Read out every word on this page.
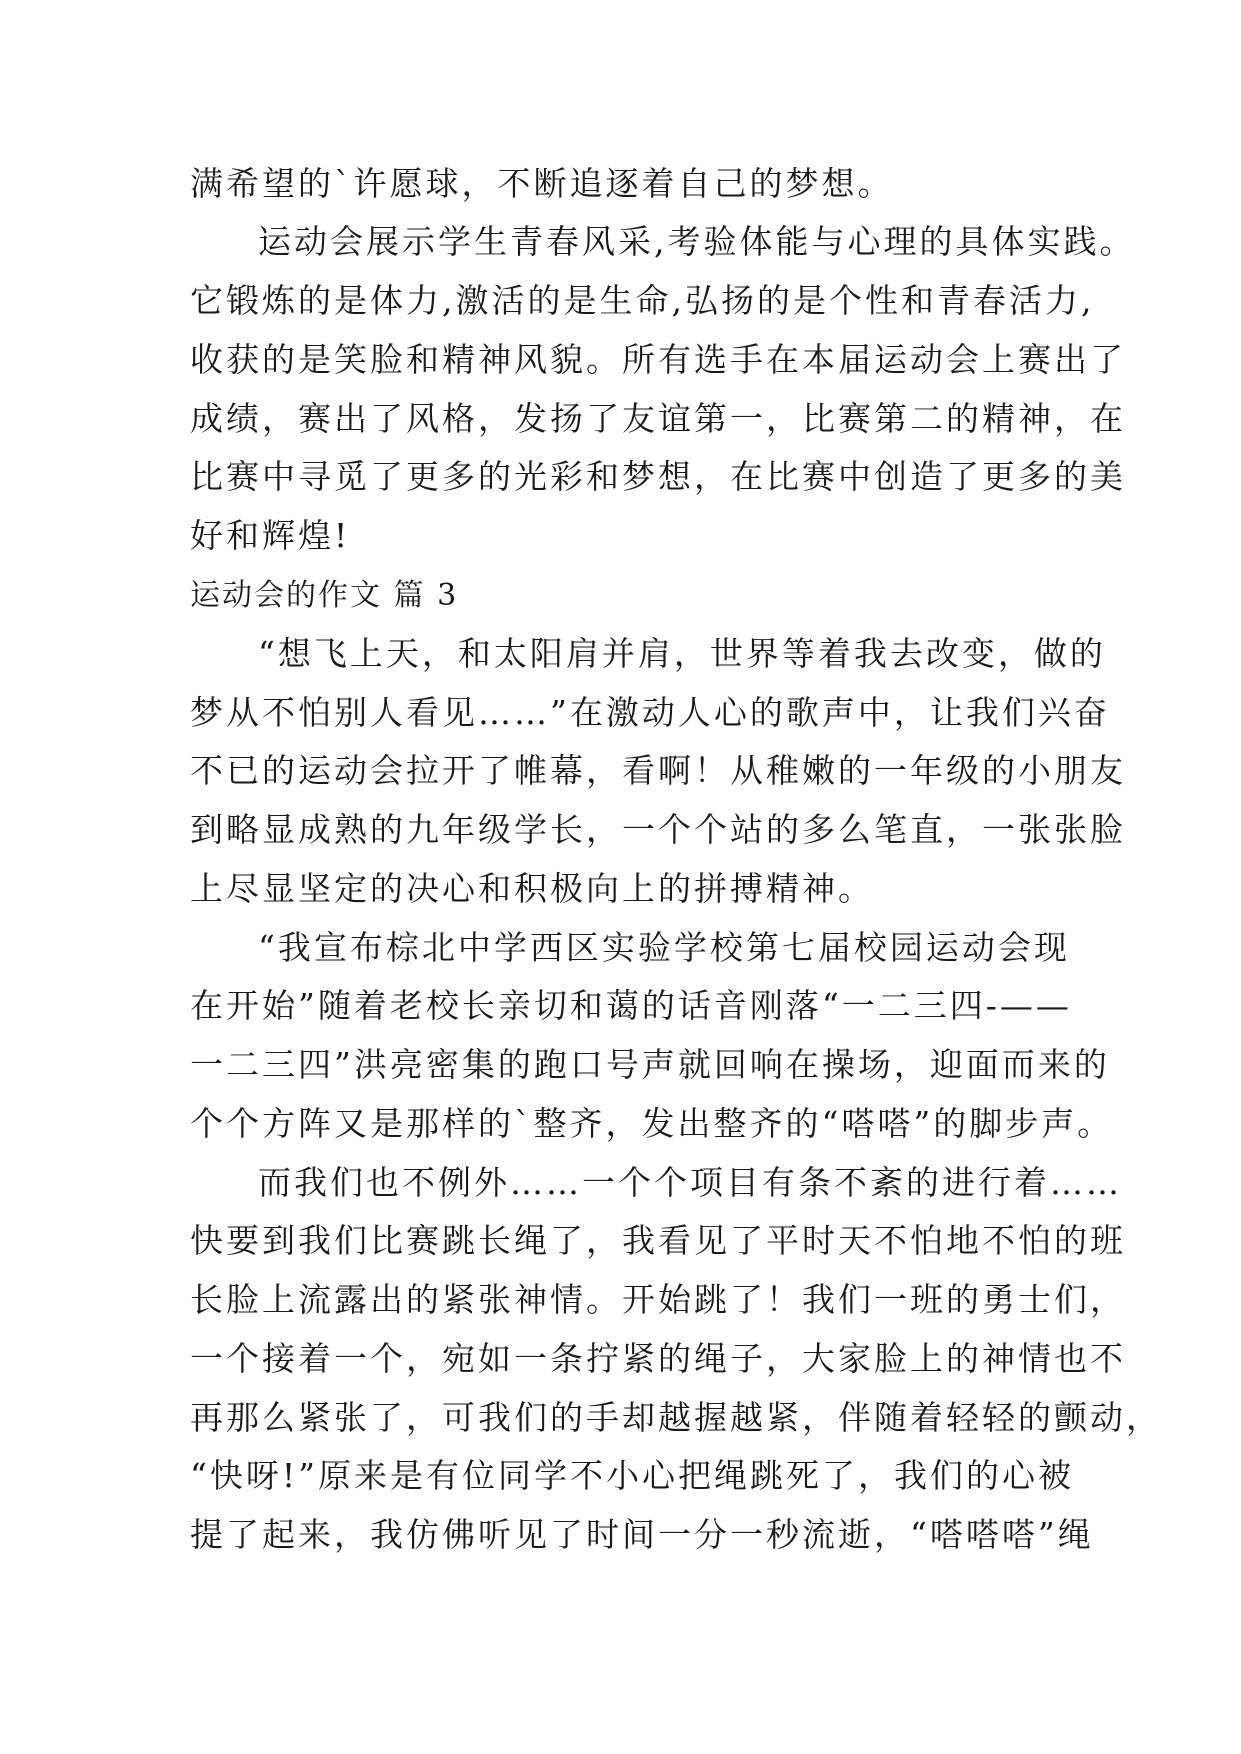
满希望的`许愿球，不断追逐着自己的梦想。
运动会展示学生青春风采,考验体能与心理的具体实践。
它锻炼的是体力,激活的是生命,弘扬的是个性和青春活力,
收获的是笑脸和精神风貌。所有选手在本届运动会上赛出了
成绩，赛出了风格，发扬了友谊第一，比赛第二的精神，在
比赛中寻觅了更多的光彩和梦想，在比赛中创造了更多的美
好和辉煌!
运动会的作文 篇 3
“想飞上天，和太阳肩并肩，世界等着我去改变，做的
梦从不怕别人看见……”在激动人心的歌声中，让我们兴奋
不已的运动会拉开了帷幕，看啊！从稚嫩的一年级的小朋友
到略显成熟的九年级学长，一个个站的多么笔直，一张张脸
上尽显坚定的决心和积极向上的拼搏精神。
“我宣布棕北中学西区实验学校第七届校园运动会现
在开始”随着老校长亲切和蔼的话音刚落“一二三四-——
一二三四”洪亮密集的跑口号声就回响在操场，迎面而来的
个个方阵又是那样的`整齐，发出整齐的“嗒嗒”的脚步声。
而我们也不例外……一个个项目有条不紊的进行着……
快要到我们比赛跳长绳了，我看见了平时天不怕地不怕的班
长脸上流露出的紧张神情。开始跳了！我们一班的勇士们，
一个接着一个，宛如一条拧紧的绳子，大家脸上的神情也不
再那么紧张了，可我们的手却越握越紧，伴随着轻轻的颤动，
“快呀!”原来是有位同学不小心把绳跳死了，我们的心被
提了起来，我仿佛听见了时间一分一秒流逝，“嗒嗒嗒”绳
